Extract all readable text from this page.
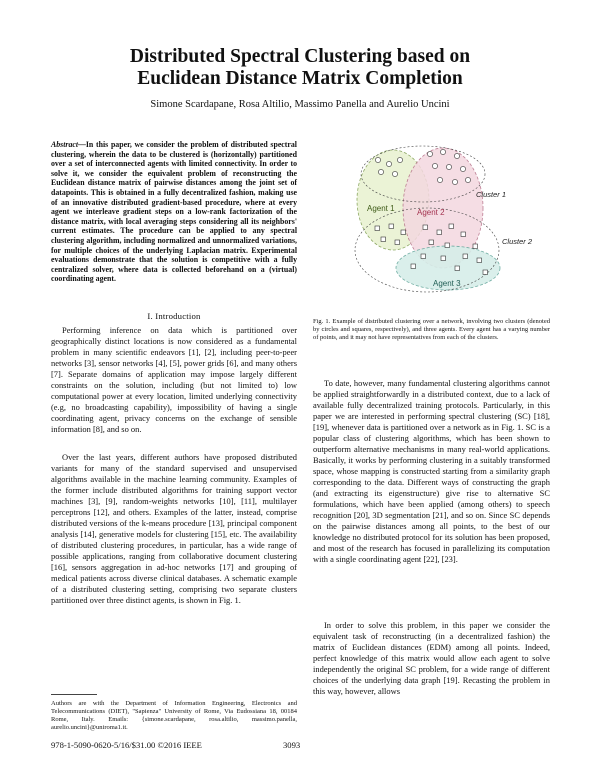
Distributed Spectral Clustering based on
Euclidean Distance Matrix Completion
Simone Scardapane, Rosa Altilio, Massimo Panella and Aurelio Uncini
Abstract—In this paper, we consider the problem of distributed spectral clustering, wherein the data to be clustered is (horizontally) partitioned over a set of interconnected agents with limited connectivity. In order to solve it, we consider the equivalent problem of reconstructing the Euclidean distance matrix of pairwise distances among the joint set of datapoints. This is obtained in a fully decentralized fashion, making use of an innovative distributed gradient-based procedure, where at every agent we interleave gradient steps on a low-rank factorization of the distance matrix, with local averaging steps considering all its neighbors' current estimates. The procedure can be applied to any spectral clustering algorithm, including normalized and unnormalized variations, for multiple choices of the underlying Laplacian matrix. Experimental evaluations demonstrate that the solution is competitive with a fully centralized solver, where data is collected beforehand on a (virtual) coordinating agent.
I. Introduction

Performing inference on data which is partitioned over geographically distinct locations is now considered as a fundamental problem in many scientific endeavors [1], [2], including peer-to-peer networks [3], sensor networks [4], [5], power grids [6], and many others [7]. Separate domains of application may impose largely different constraints on the solution, including (but not limited to) low computational power at every location, limited underlying connectivity (e.g, no broadcasting capability), impossibility of having a single coordinating agent, privacy concerns on the exchange of sensible information [8], and so on.

Over the last years, different authors have proposed distributed variants for many of the standard supervised and unsupervised algorithms available in the machine learning community. Examples of the former include distributed algorithms for training support vector machines [3], [9], random-weights networks [10], [11], multilayer perceptrons [12], and others. Examples of the latter, instead, comprise distributed versions of the k-means procedure [13], principal component analysis [14], generative models for clustering [15], etc. The availability of distributed clustering procedures, in particular, has a wide range of possible applications, ranging from collaborative document clustering [16], sensors aggregation in ad-hoc networks [17] and grouping of medical patients across diverse clinical databases. A schematic example of a distributed clustering setting, comprising two separate clusters partitioned over three distinct agents, is shown in Fig. 1.

Authors are with the Department of Information Engineering, Electronics and Telecommunications (DIET), "Sapienza" University of Rome, Via Eudossiana 18, 00184 Rome, Italy. Emails: {simone.scardapane, rosa.altilio, massimo.panella, aurelio.uncini}@uniroma1.it.
Agent 1	Agent 2
Agent 3
Cluster 1
Cluster 2
Fig. 1. Example of distributed clustering over a network, involving two clusters (denoted by circles and squares, respectively), and three agents. Every agent has a varying number of points, and it may not have representatives from each of the clusters.

To date, however, many fundamental clustering algorithms cannot be applied straightforwardly in a distributed context, due to a lack of available fully decentralized training protocols. Particularly, in this paper we are interested in performing spectral clustering (SC) [18], [19], whenever data is partitioned over a network as in Fig. 1. SC is a popular class of clustering algorithms, which has been shown to outperform alternative mechanisms in many real-world applications. Basically, it works by performing clustering in a suitably transformed space, whose mapping is constructed starting from a similarity graph corresponding to the data. Different ways of constructing the graph (and extracting its eigenstructure) give rise to alternative SC formulations, which have been applied (among others) to speech recognition [20], 3D segmentation [21], and so on. Since SC depends on the pairwise distances among all points, to the best of our knowledge no distributed protocol for its solution has been proposed, and most of the research has focused in parallelizing its computation with a single coordinating agent [22], [23].

In order to solve this problem, in this paper we consider the equivalent task of reconstructing (in a decentralized fashion) the matrix of Euclidean distances (EDM) among all points. Indeed, perfect knowledge of this matrix would allow each agent to solve independently the original SC problem, for a wide range of different choices of the underlying data graph [19]. Recasting the problem in this way, however, allows

978-1-5090-0620-5/16/$31.00 ©2016 IEEE	3093
